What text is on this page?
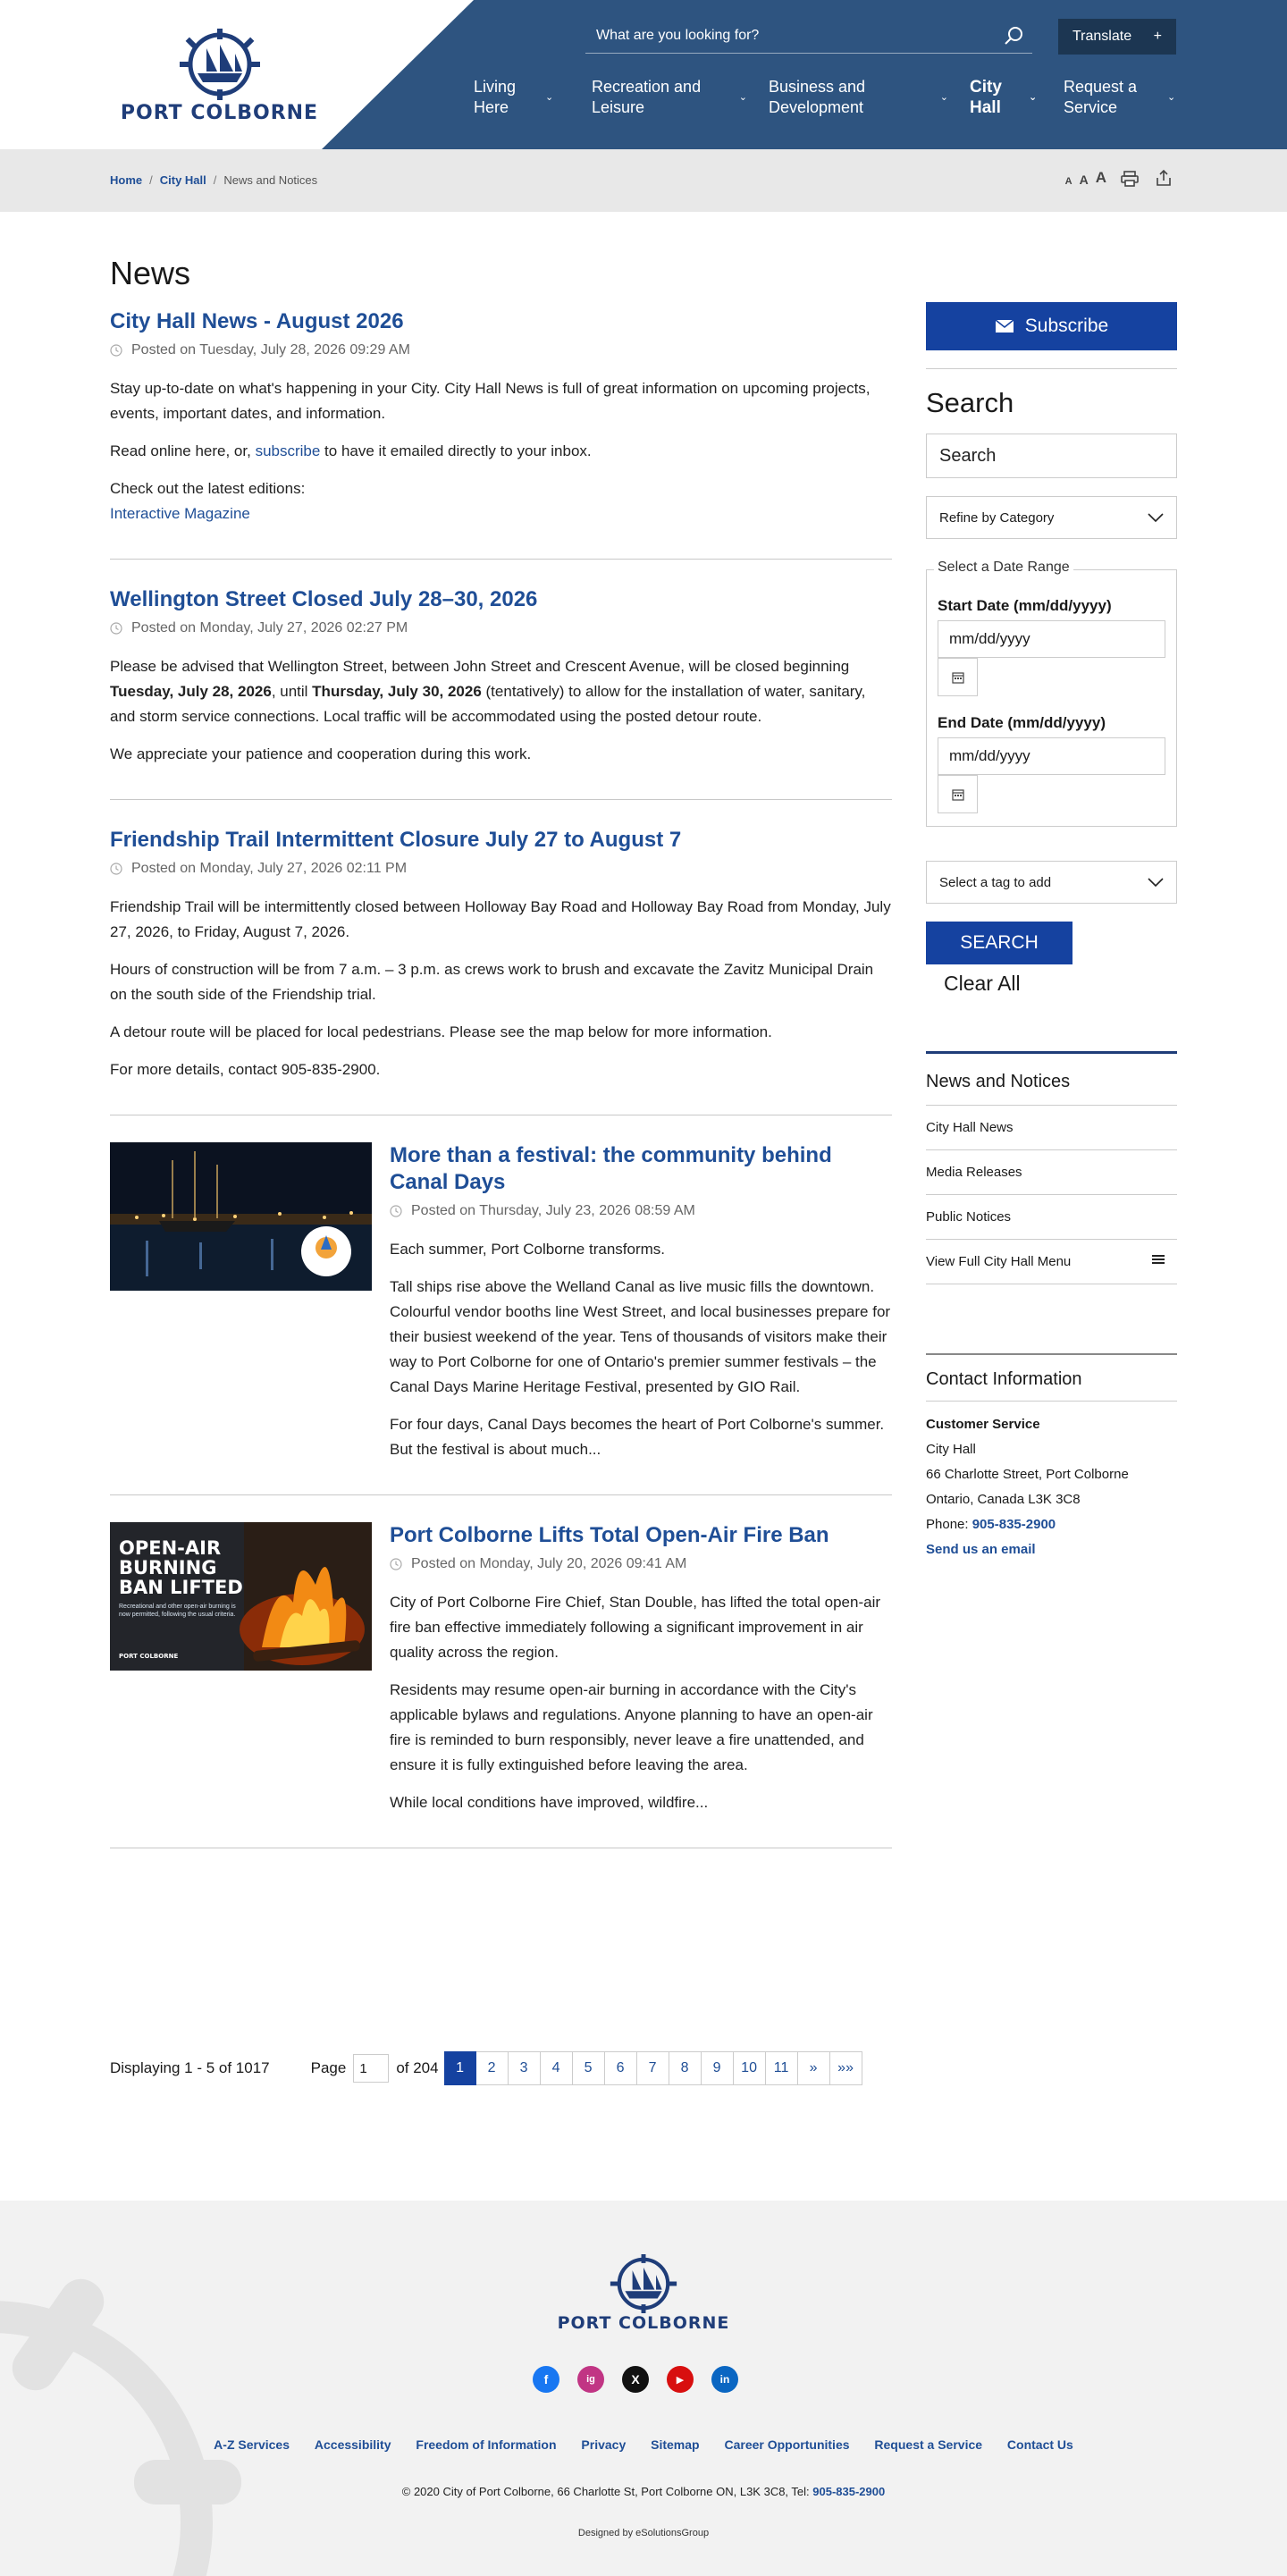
PORT COLBORNE
What are you looking for?
Translate +
Living Here
⌄
Recreation and Leisure
⌄
Business and Development
⌄
City Hall
⌄
Request a Service
⌄
Home / City Hall / News and Notices	A A A
News
City Hall News - August 2026
Posted on Tuesday, July 28, 2026 09:29 AM

Stay up-to-date on what's happening in your City. City Hall News is full of great information on upcoming projects, events, important dates, and information.

Read online here, or, subscribe to have it emailed directly to your inbox.

Check out the latest editions:
Interactive Magazine

Wellington Street Closed July 28–30, 2026
Posted on Monday, July 27, 2026 02:27 PM

Please be advised that Wellington Street, between John Street and Crescent Avenue, will be closed beginning Tuesday, July 28, 2026, until Thursday, July 30, 2026 (tentatively) to allow for the installation of water, sanitary, and storm service connections. Local traffic will be accommodated using the posted detour route.

We appreciate your patience and cooperation during this work.

Friendship Trail Intermittent Closure July 27 to August 7
Posted on Monday, July 27, 2026 02:11 PM

Friendship Trail will be intermittently closed between Holloway Bay Road and Holloway Bay Road from Monday, July 27, 2026, to Friday, August 7, 2026.

Hours of construction will be from 7 a.m. – 3 p.m. as crews work to brush and excavate the Zavitz Municipal Drain on the south side of the Friendship trial.

A detour route will be placed for local pedestrians. Please see the map below for more information.

For more details, contact 905-835-2900.

More than a festival: the community behind Canal Days
Posted on Thursday, July 23, 2026 08:59 AM

Each summer, Port Colborne transforms.

Tall ships rise above the Welland Canal as live music fills the downtown. Colourful vendor booths line West Street, and local businesses prepare for their busiest weekend of the year. Tens of thousands of visitors make their way to Port Colborne for one of Ontario's premier summer festivals – the Canal Days Marine Heritage Festival, presented by GIO Rail.

For four days, Canal Days becomes the heart of Port Colborne's summer. But the festival is about much...

OPEN-AIR
BURNING
BAN LIFTED
Recreational and other open-air burning is now permitted, following the usual criteria.
PORT COLBORNE
Port Colborne Lifts Total Open-Air Fire Ban
Posted on Monday, July 20, 2026 09:41 AM

City of Port Colborne Fire Chief, Stan Double, has lifted the total open-air fire ban effective immediately following a significant improvement in air quality across the region.

Residents may resume open-air burning in accordance with the City's applicable bylaws and regulations. Anyone planning to have an open-air fire is reminded to burn responsibly, never leave a fire unattended, and ensure it is fully extinguished before leaving the area.

While local conditions have improved, wildfire...

Subscribe
Search
Search
Refine by Category
Select a Date Range
Start Date (mm/dd/yyyy)
mm/dd/yyyy
End Date (mm/dd/yyyy)
mm/dd/yyyy
Select a tag to add
SEARCH
Clear All
News and Notices
City Hall News
Media Releases
Public Notices
View Full City Hall Menu
Contact Information
Customer Service
City Hall
66 Charlotte Street, Port Colborne
Ontario, Canada L3K 3C8
Phone: 905-835-2900
Send us an email
Displaying 1 - 5 of 1017	Page	1	of 204	1	2	3	4	5	6	7	8	9	10	11	»	»»
PORT COLBORNE
f	ig	X	▶	in
A-Z Services Accessibility Freedom of Information Privacy Sitemap Career Opportunities Request a Service Contact Us
© 2020 City of Port Colborne, 66 Charlotte St, Port Colborne ON, L3K 3C8, Tel: 905-835-2900
Designed by eSolutionsGroup
